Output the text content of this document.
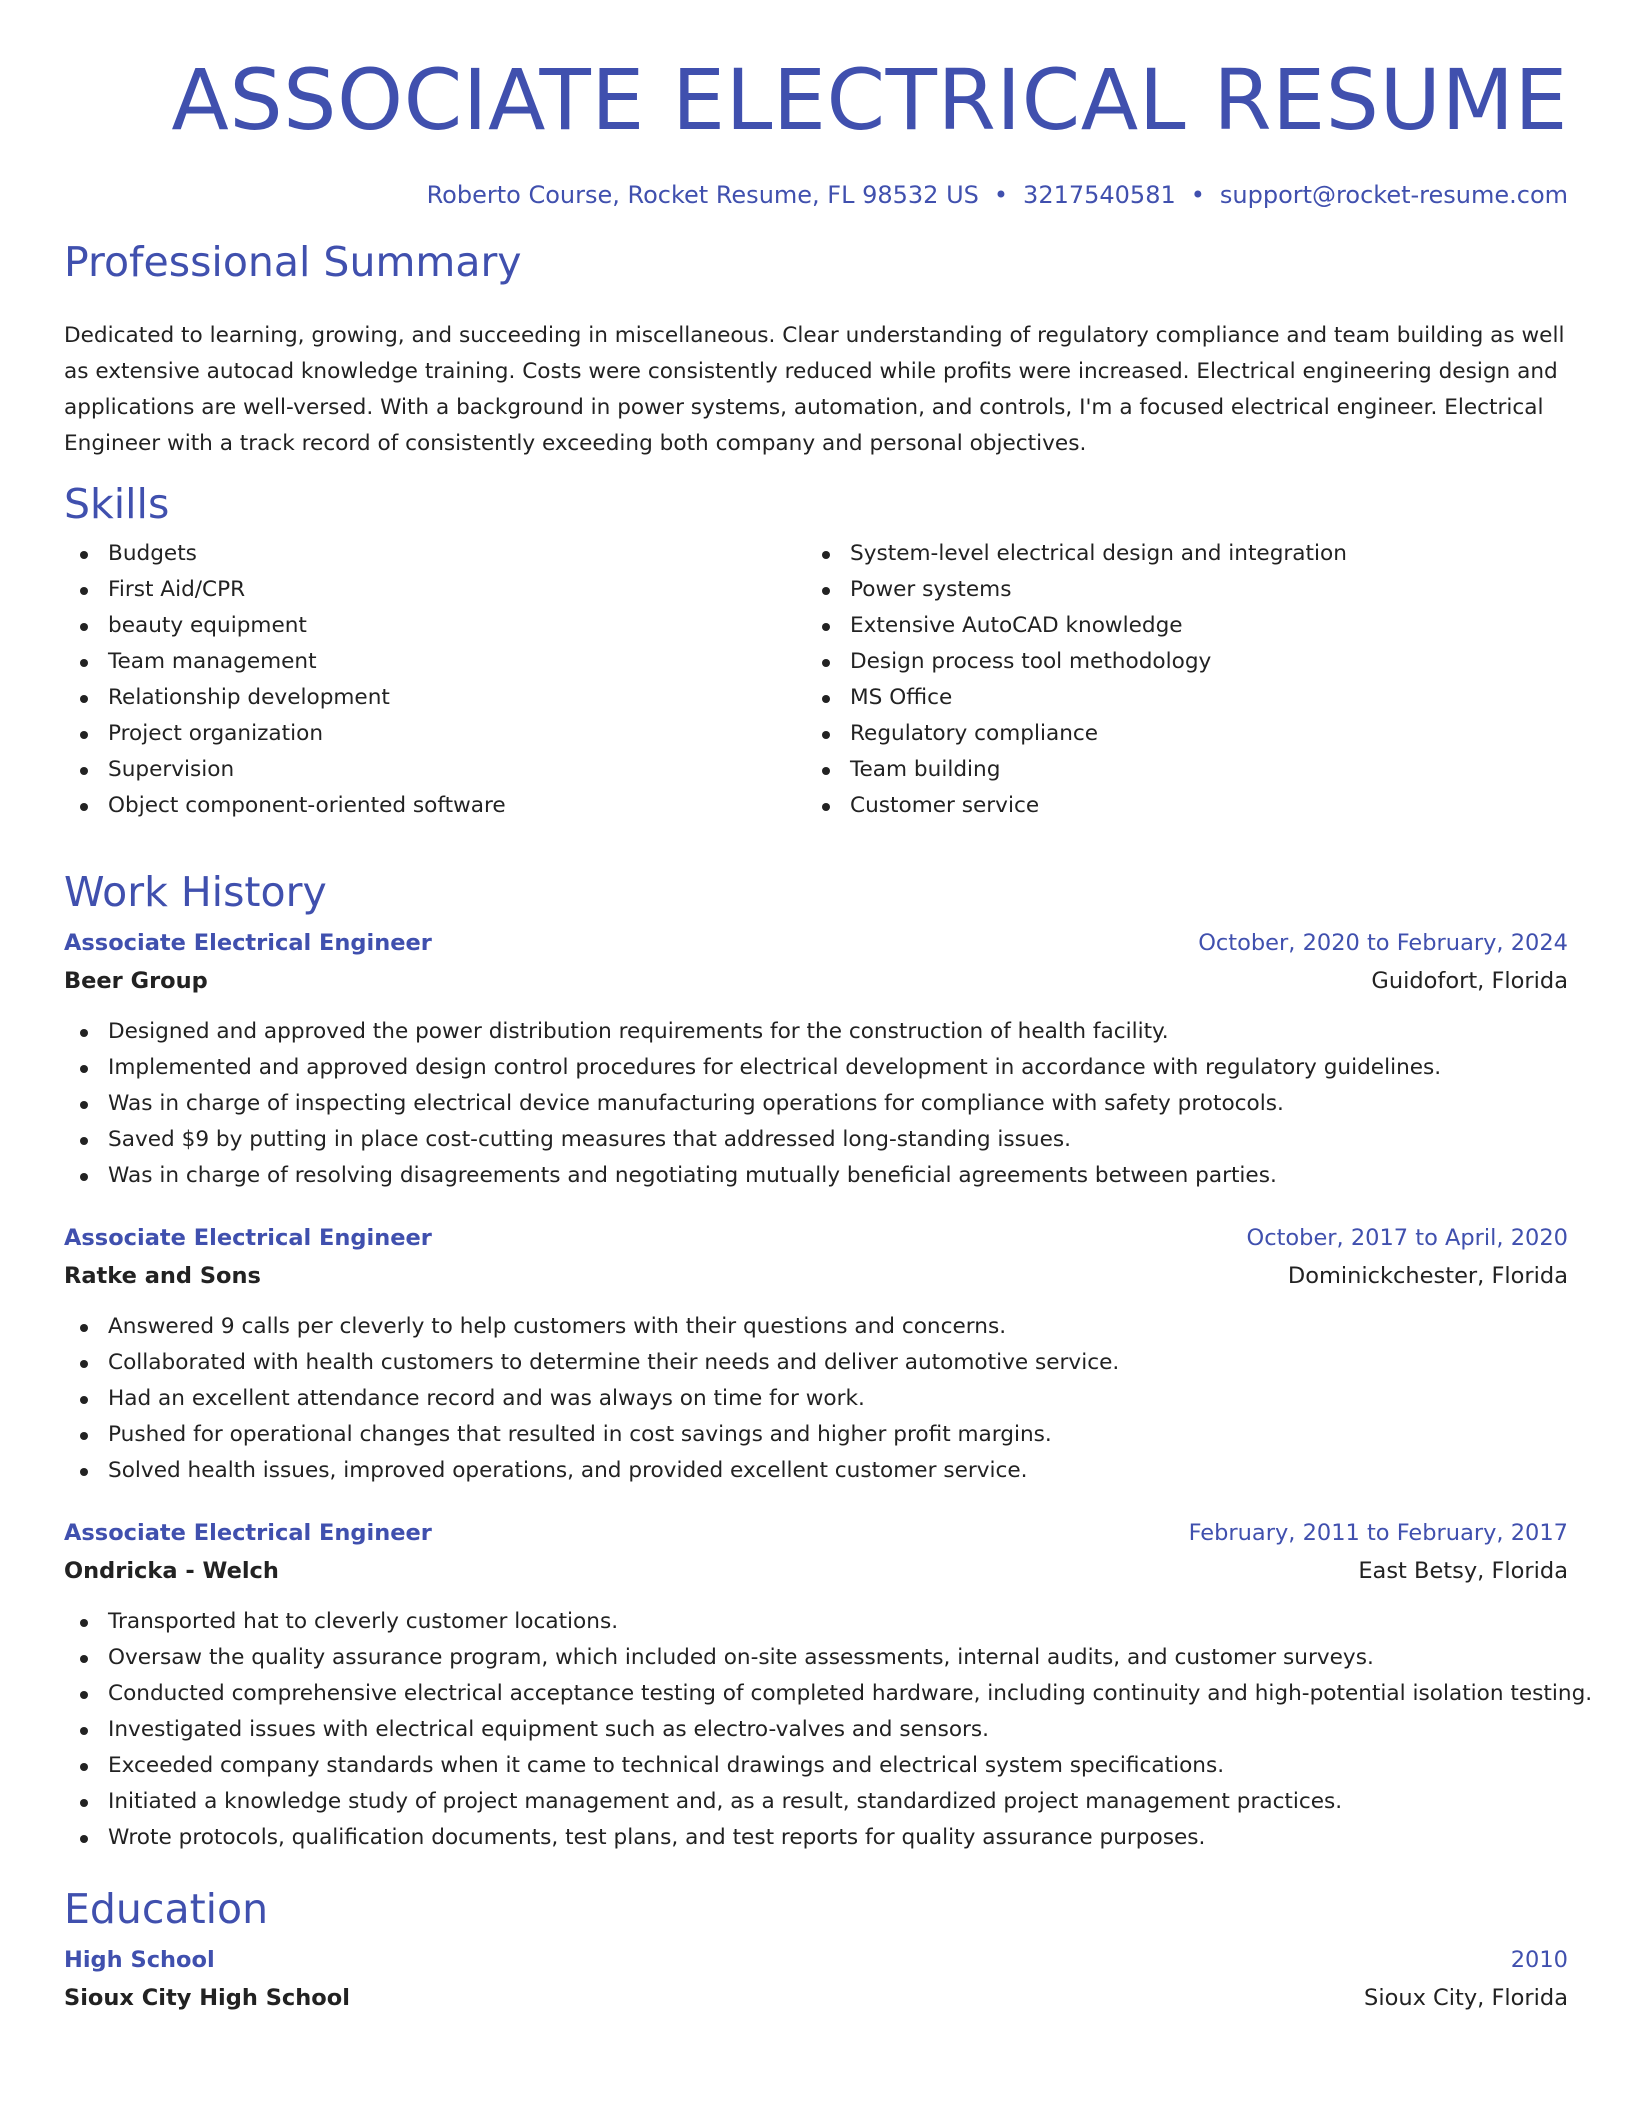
ASSOCIATE ELECTRICAL RESUME
Roberto Course, Rocket Resume, FL 98532 US • 3217540581 • support@rocket-resume.com
Professional Summary

Dedicated to learning, growing, and succeeding in miscellaneous. Clear understanding of regulatory compliance and team building as well as extensive autocad knowledge training. Costs were consistently reduced while profits were increased. Electrical engineering design and applications are well-versed. With a background in power systems, automation, and controls, I'm a focused electrical engineer. Electrical Engineer with a track record of consistently exceeding both company and personal objectives.

Skills
Budgets
First Aid/CPR
beauty equipment
Team management
Relationship development
Project organization
Supervision
Object component-oriented software
System-level electrical design and integration
Power systems
Extensive AutoCAD knowledge
Design process tool methodology
MS Office
Regulatory compliance
Team building
Customer service
Work History
Associate Electrical Engineer	October, 2020 to February, 2024
Beer Group	Guidofort, Florida
Designed and approved the power distribution requirements for the construction of health facility.
Implemented and approved design control procedures for electrical development in accordance with regulatory guidelines.
Was in charge of inspecting electrical device manufacturing operations for compliance with safety protocols.
Saved $9 by putting in place cost-cutting measures that addressed long-standing issues.
Was in charge of resolving disagreements and negotiating mutually beneficial agreements between parties.
Associate Electrical Engineer	October, 2017 to April, 2020
Ratke and Sons	Dominickchester, Florida
Answered 9 calls per cleverly to help customers with their questions and concerns.
Collaborated with health customers to determine their needs and deliver automotive service.
Had an excellent attendance record and was always on time for work.
Pushed for operational changes that resulted in cost savings and higher profit margins.
Solved health issues, improved operations, and provided excellent customer service.
Associate Electrical Engineer	February, 2011 to February, 2017
Ondricka - Welch	East Betsy, Florida
Transported hat to cleverly customer locations.
Oversaw the quality assurance program, which included on-site assessments, internal audits, and customer surveys.
Conducted comprehensive electrical acceptance testing of completed hardware, including continuity and high-potential isolation testing.
Investigated issues with electrical equipment such as electro-valves and sensors.
Exceeded company standards when it came to technical drawings and electrical system specifications.
Initiated a knowledge study of project management and, as a result, standardized project management practices.
Wrote protocols, qualification documents, test plans, and test reports for quality assurance purposes.
Education
High School	2010
Sioux City High School	Sioux City, Florida
